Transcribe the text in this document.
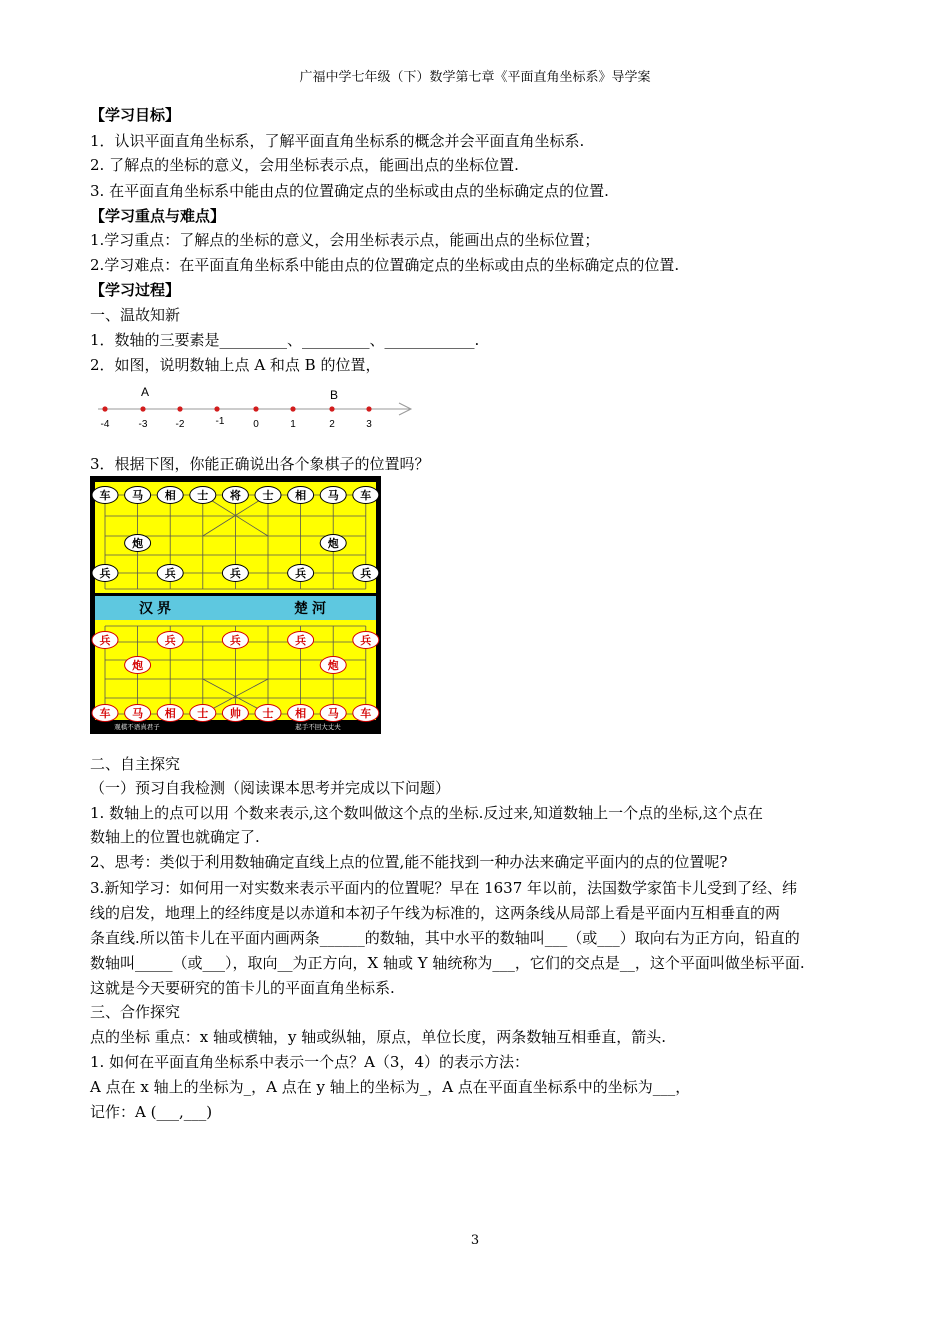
广福中学七年级（下）数学第七章《平面直角坐标系》导学案
【学习目标】
1．认识平面直角坐标系，了解平面直角坐标系的概念并会平面直角坐标系.
2. 了解点的坐标的意义，会用坐标表示点，能画出点的坐标位置.
3. 在平面直角坐标系中能由点的位置确定点的坐标或由点的坐标确定点的位置.
【学习重点与难点】
1.学习重点：了解点的坐标的意义，会用坐标表示点，能画出点的坐标位置；
2.学习难点：在平面直角坐标系中能由点的位置确定点的坐标或由点的坐标确定点的位置.
【学习过程】
一、温故知新
1．数轴的三要素是_________、_________、____________.
2．如图，说明数轴上点 A 和点 B 的位置，
3．根据下图，你能正确说出各个象棋子的位置吗？
二、自主探究
（一）预习自我检测（阅读课本思考并完成以下问题）
1. 数轴上的点可以用 个数来表示,这个数叫做这个点的坐标.反过来,知道数轴上一个点的坐标,这个点在
数轴上的位置也就确定了.
2、思考：类似于利用数轴确定直线上点的位置,能不能找到一种办法来确定平面内的点的位置呢?
3.新知学习：如何用一对实数来表示平面内的位置呢？早在 1637 年以前，法国数学家笛卡儿受到了经、纬
线的启发，地理上的经纬度是以赤道和本初子午线为标准的，这两条线从局部上看是平面内互相垂直的两
条直线.所以笛卡儿在平面内画两条______的数轴，其中水平的数轴叫___（或___）取向右为正方向，铅直的
数轴叫_____（或___），取向__为正方向，X 轴或 Y 轴统称为___，它们的交点是__，这个平面叫做坐标平面.
这就是今天要研究的笛卡儿的平面直角坐标系.
三、合作探究
点的坐标 重点：x 轴或横轴，y 轴或纵轴，原点，单位长度，两条数轴互相垂直，箭头.
1. 如何在平面直角坐标系中表示一个点？A（3，4）的表示方法：
A 点在 x 轴上的坐标为_，A 点在 y 轴上的坐标为_，A 点在平面直坐标系中的坐标为___，
记作：A (___,___)
-4	-3	-2	-1	0	1	2	3
A	B
汉界	楚河
车 马 相 士 将 士 相 马 车
炮	炮
兵	兵	兵	兵	兵
兵	兵	兵	兵	兵
炮	炮
车 马 相 士 帅 士 相 马 车
观棋不语真君子	起手不回大丈夫
3
